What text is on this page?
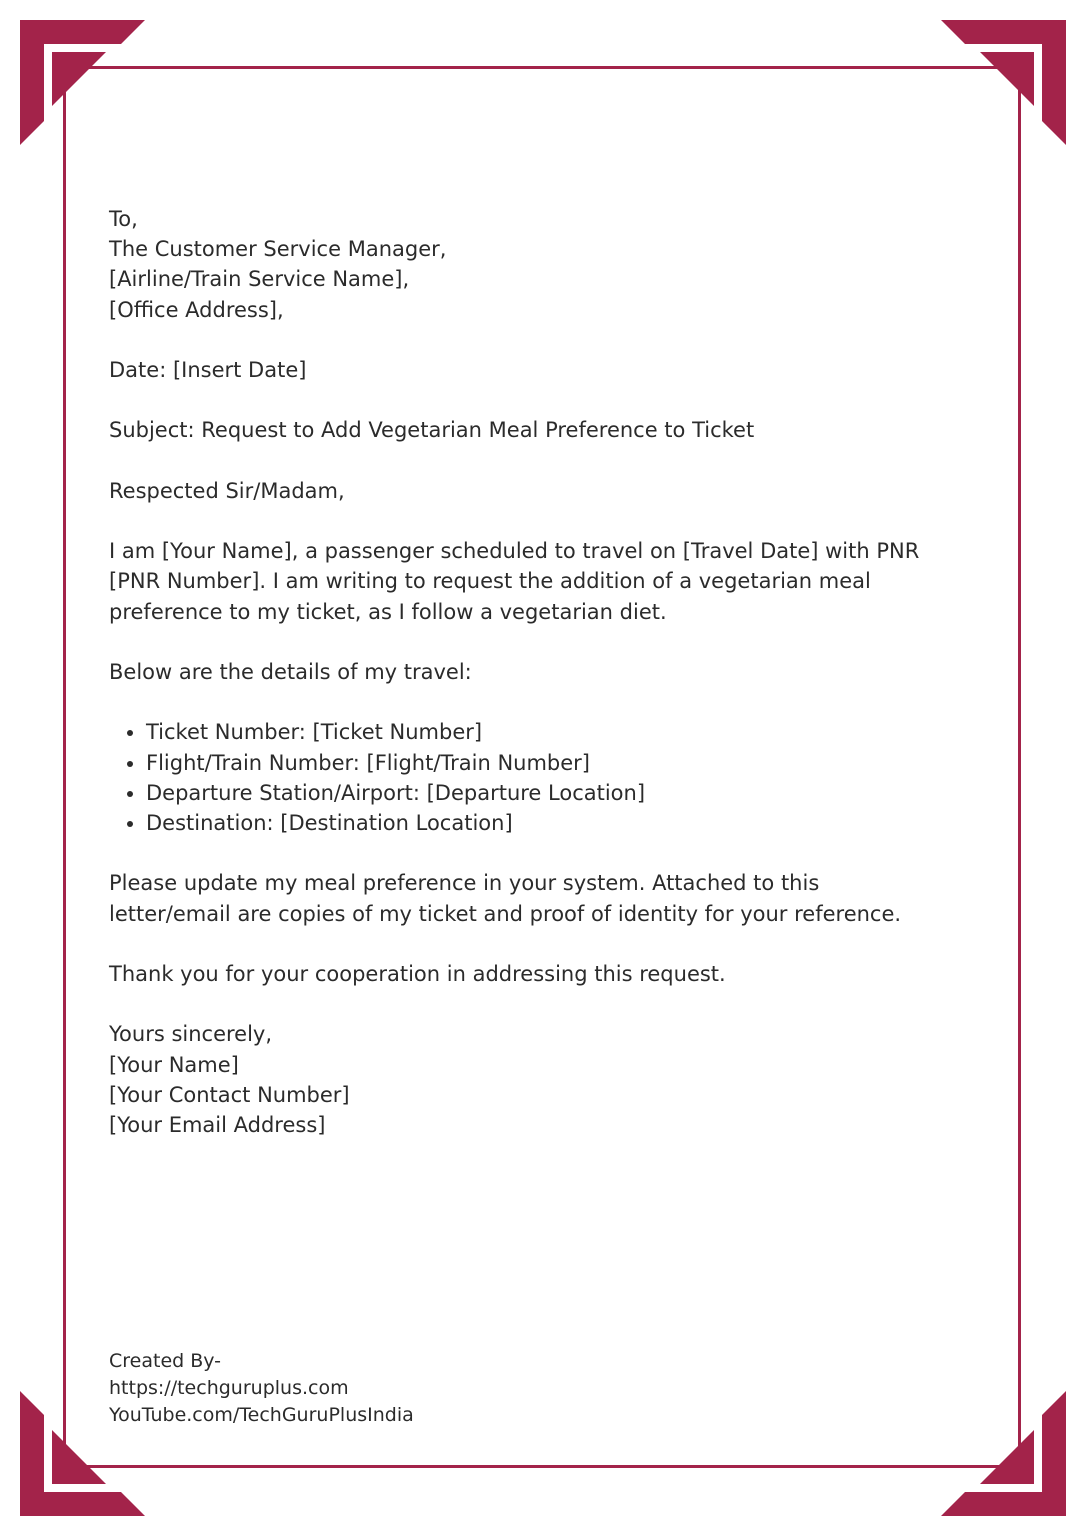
To,
The Customer Service Manager,
[Airline/Train Service Name],
[Office Address],
Date: [Insert Date]
Subject: Request to Add Vegetarian Meal Preference to Ticket
Respected Sir/Madam,
I am [Your Name], a passenger scheduled to travel on [Travel Date] with PNR
[PNR Number]. I am writing to request the addition of a vegetarian meal
preference to my ticket, as I follow a vegetarian diet.
Below are the details of my travel:
• Ticket Number: [Ticket Number]
• Flight/Train Number: [Flight/Train Number]
• Departure Station/Airport: [Departure Location]
• Destination: [Destination Location]
Please update my meal preference in your system. Attached to this
letter/email are copies of my ticket and proof of identity for your reference.
Thank you for your cooperation in addressing this request.
Yours sincerely,
[Your Name]
[Your Contact Number]
[Your Email Address]
Created By-
https://techguruplus.com
YouTube.com/TechGuruPlusIndia
